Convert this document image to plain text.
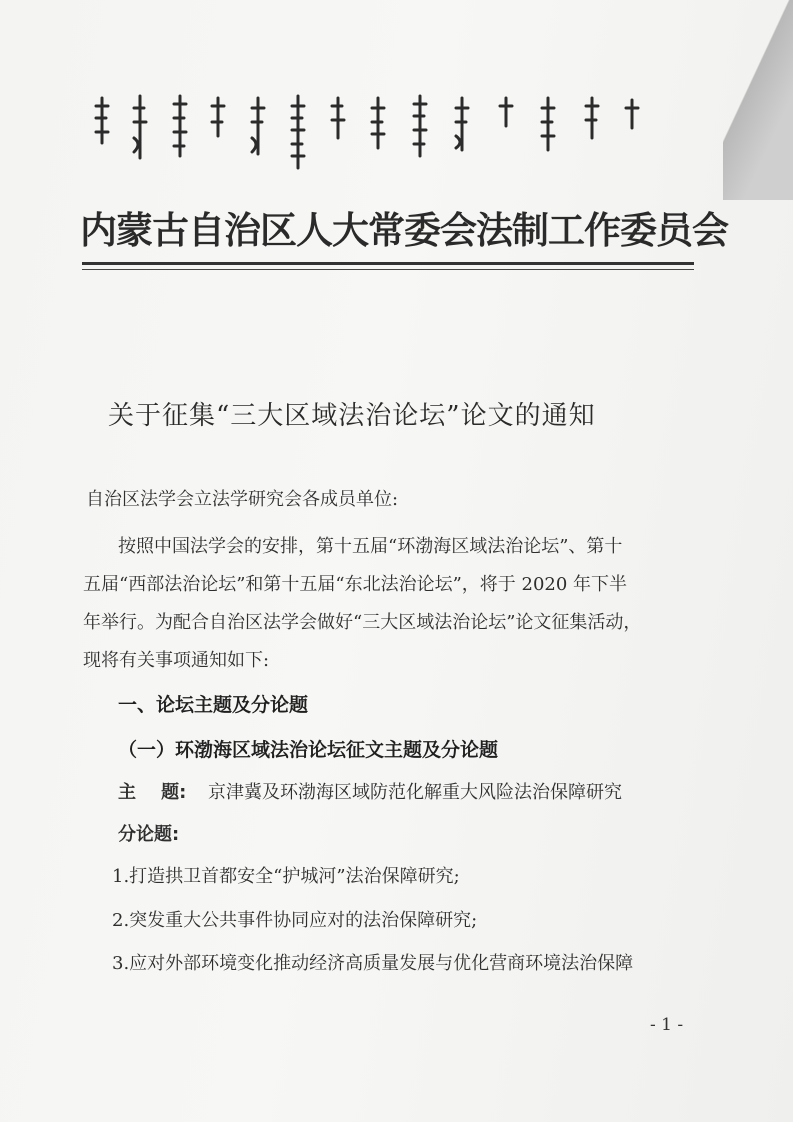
内蒙古自治区人大常委会法制工作委员会
关于征集“三大区域法治论坛”论文的通知
自治区法学会立法学研究会各成员单位:
按照中国法学会的安排，第十五届“环渤海区域法治论坛”、第十
五届“西部法治论坛”和第十五届“东北法治论坛”，将于 2020 年下半
年举行。为配合自治区法学会做好“三大区域法治论坛”论文征集活动，
现将有关事项通知如下:
一、论坛主题及分论题
（一）环渤海区域法治论坛征文主题及分论题
主    题: 京津冀及环渤海区域防范化解重大风险法治保障研究
分论题:
1.打造拱卫首都安全“护城河”法治保障研究;
2.突发重大公共事件协同应对的法治保障研究;
3.应对外部环境变化推动经济高质量发展与优化营商环境法治保障
- 1 -
